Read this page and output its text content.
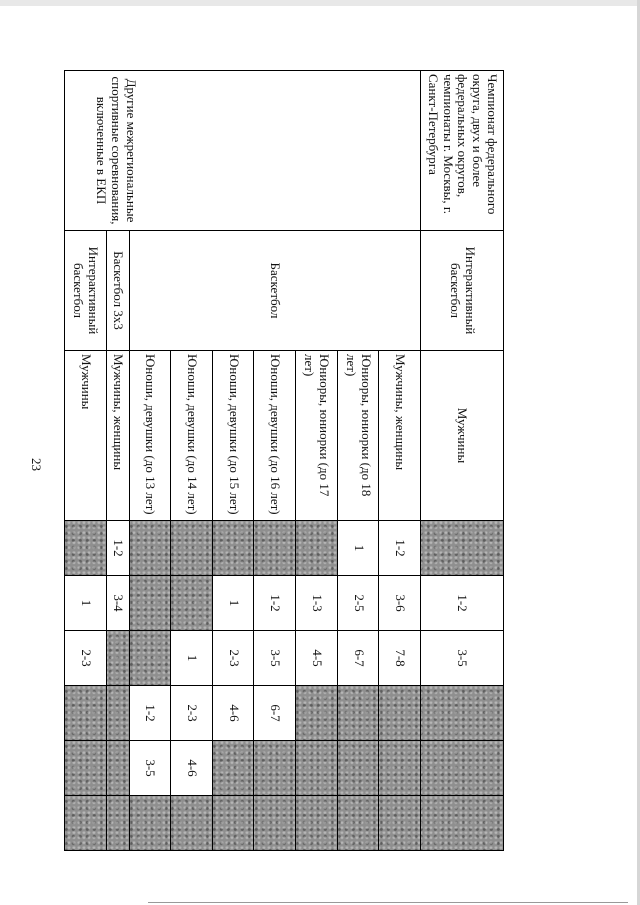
23
Чемпионат федерального округа, двух и более федеральных округов, чемпионаты г. Москвы, г. Санкт-Петербурга	Интерактивный баскетбол	Мужчины		1-2	3-5			
Другие межрегиональные спортивные соревнования, включенные в ЕКП	Баскетбол	Мужчины, женщины	1-2	3-6	7-8			
		Юниоры, юниорки (до 18 лет)	1	2-5	6-7			
		Юниоры, юниорки (до 17 лет)		1-3	4-5			
		Юноши, девушки (до 16 лет)		1-2	3-5	6-7		
		Юноши, девушки (до 15 лет)		1	2-3	4-6		
		Юноши, девушки (до 14 лет)			1	2-3	4-6	
		Юноши, девушки (до 13 лет)				1-2	3-5	
	Баскетбол 3х3	Мужчины, женщины	1-2	3-4				
	Интерактивный баскетбол	Мужчины		1	2-3			
